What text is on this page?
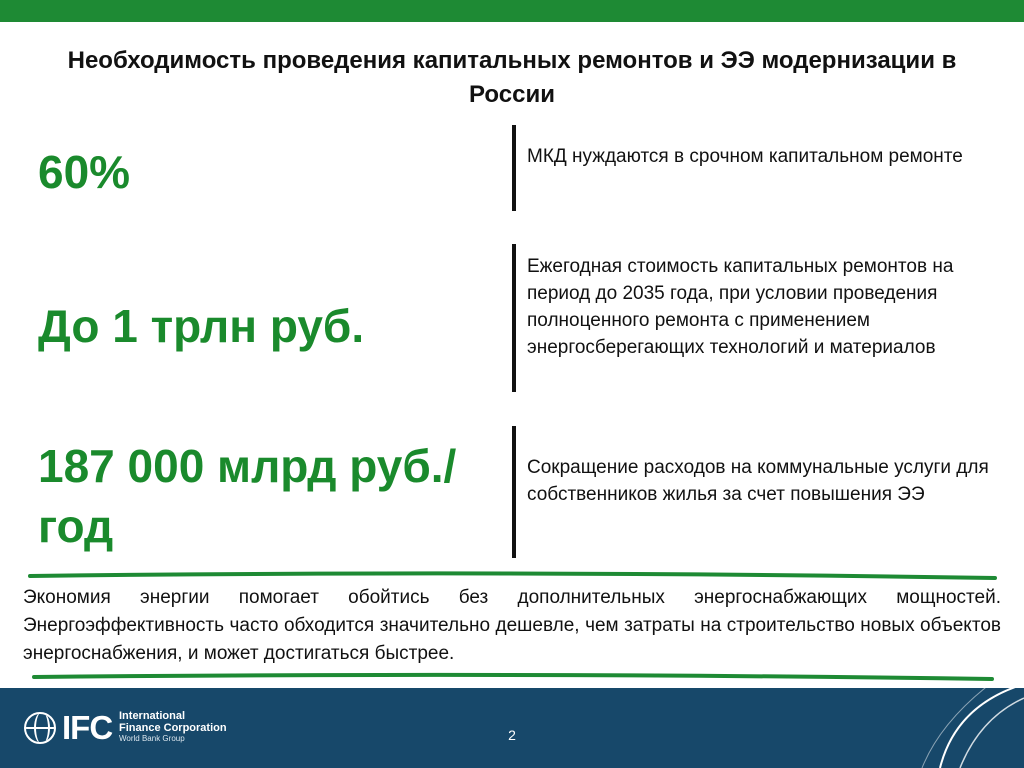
Необходимость проведения капитальных ремонтов и ЭЭ модернизации в России
60%	МКД нуждаются в срочном капитальном ремонте
До 1 трлн руб.
Ежегодная стоимость капитальных ремонтов на период до 2035 года, при условии проведения полноценного ремонта с применением энергосберегающих технологий и материалов
187 000 млрд руб./год
Сокращение расходов на коммунальные услуги для собственников жилья за счет повышения ЭЭ
Экономия энергии помогает обойтись без дополнительных энергоснабжающих мощностей. Энергоэффективность часто обходится значительно дешевле, чем затраты на строительство новых объектов энергоснабжения, и может достигаться быстрее.
IFC International
Finance Corporation
World Bank Group	2
